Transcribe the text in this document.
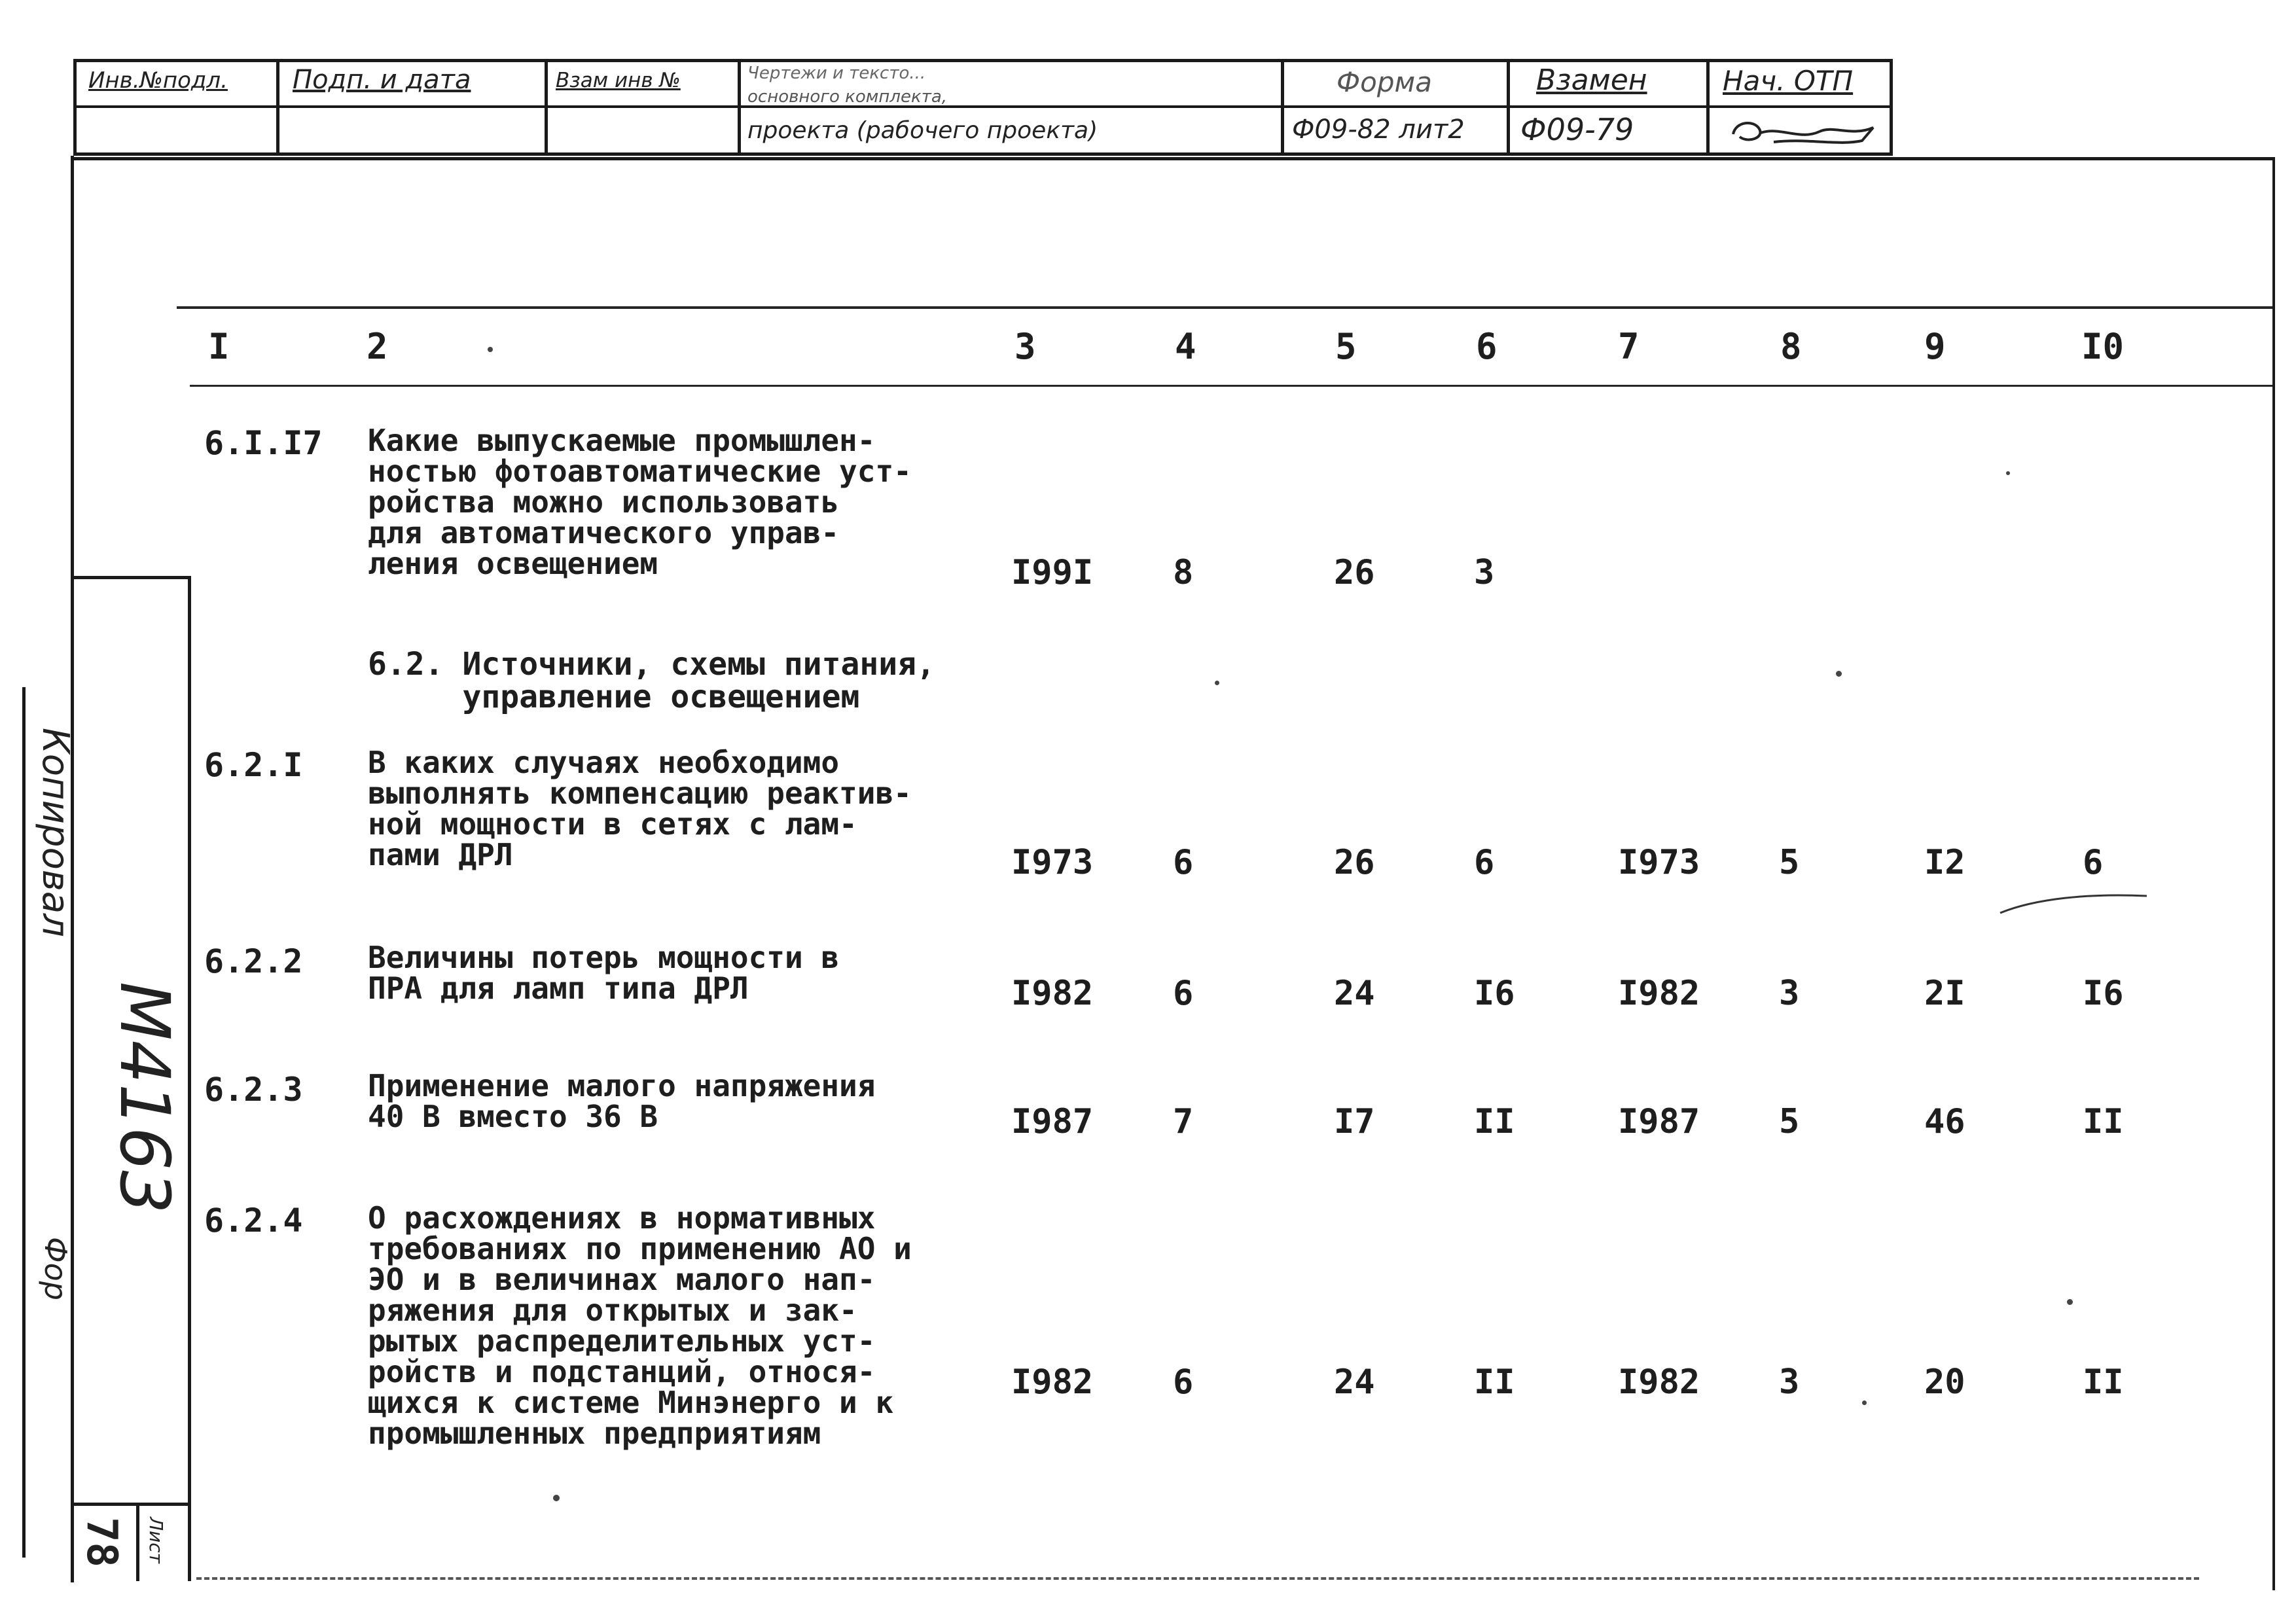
Инв.№подл. Подп. и дата	Взам инв №	Чертежи и тексто...
основного комплекта,
проекта (рабочего проекта)
Форма
Ф09-82 лит2
Взамен
Ф09-79
Нач. ОТП
Копировал
М4163
Фор
78 Лист
I	2	3	4	5	6	7	8	9	I0
6.I.I7 Какие выпускаемые промышлен-
ностью фотоавтоматические уст-
ройства можно использовать
для автоматического управ-
ления освещением	I99I 8	26	3
6.2. Источники, схемы питания,
управление освещением
6.2.I В каких случаях необходимо
выполнять компенсацию реактив-
ной мощности в сетях с лам-
пами ДРЛ	I973 6	26	6	I973 5	I2	6
6.2.2 Величины потерь мощности в
ПРА для ламп типа ДРЛ	I982 6	24	I6	I982 3	2I	I6
6.2.3 Применение малого напряжения
40 В вместо 36 В	I987 7	I7	II	I987 5	46	II
6.2.4 О расхождениях в нормативных
требованиях по применению АО и
ЭО и в величинах малого нап-
ряжения для открытых и зак-
рытых распределительных уст-
ройств и подстанций, относя-
щихся к системе Минэнерго и к
промышленных предприятиям
I982 6	24	II	I982 3	20	II
